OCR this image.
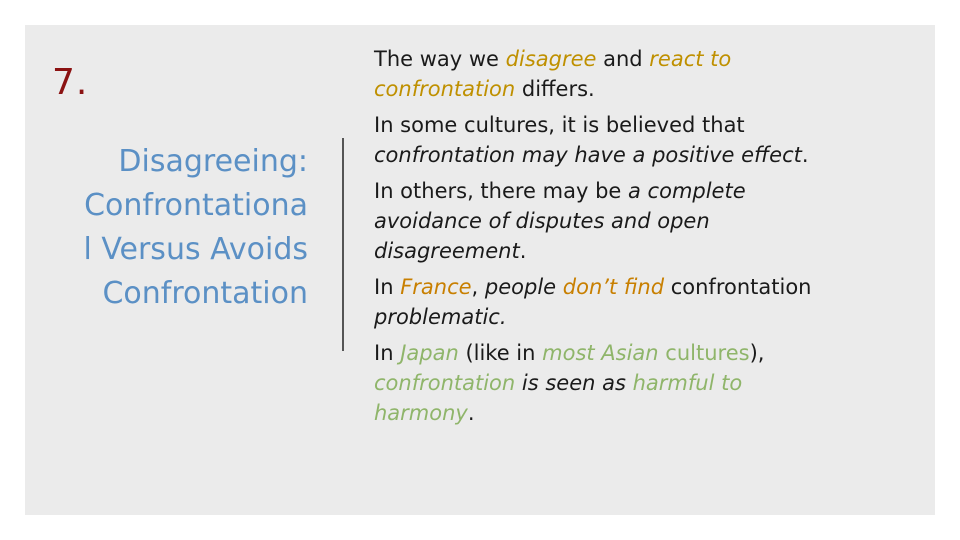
7.
Disagreeing:
Confrontationa
l Versus Avoids
Confrontation
The way we disagree and react to
confrontation differs.
In some cultures, it is believed that
confrontation may have a positive effect.
In others, there may be a complete
avoidance of disputes and open
disagreement.
In France, people don’t find confrontation
problematic.
In Japan (like in most Asian cultures),
confrontation is seen as harmful to
harmony.
